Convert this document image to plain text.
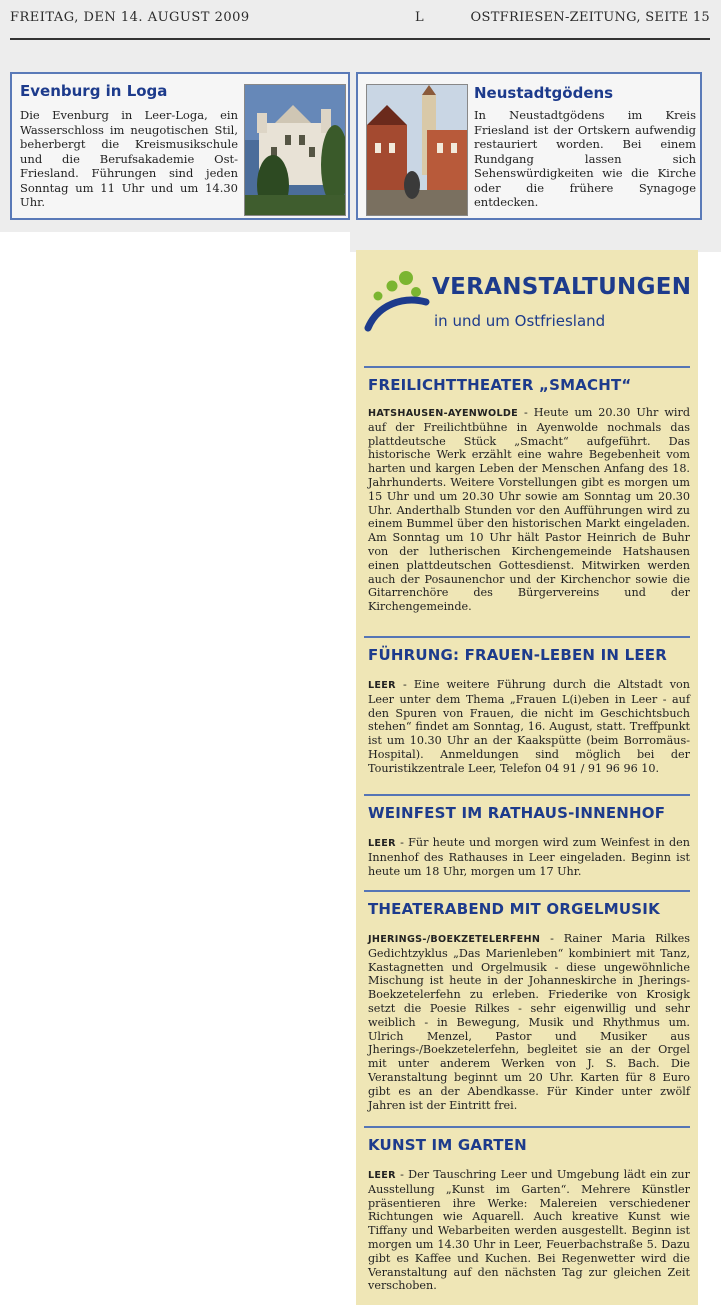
FREITAG, DEN 14. AUGUST 2009	L	OSTFRIESEN-ZEITUNG, SEITE 15
Evenburg in Loga
Die Evenburg in Leer-Loga, ein Wasserschloss im neugotischen Stil, beherbergt die Kreismusikschule und die Berufsakademie Ost-Friesland. Führungen sind jeden Sonntag um 11 Uhr und um 14.30 Uhr.
Neustadtgödens
In Neustadtgödens im Kreis Friesland ist der Ortskern aufwendig restauriert worden. Bei einem Rundgang lassen sich Sehenswürdigkeiten wie die Kirche oder die frühere Synagoge entdecken.
VERANSTALTUNGEN
in und um Ostfriesland
FREILICHTTHEATER „SMACHT“
HATSHAUSEN-AYENWOLDE - Heute um 20.30 Uhr wird auf der Freilichtbühne in Ayenwolde nochmals das plattdeutsche Stück „Smacht“ aufgeführt. Das historische Werk erzählt eine wahre Begebenheit vom harten und kargen Leben der Menschen Anfang des 18. Jahrhunderts. Weitere Vorstellungen gibt es morgen um 15 Uhr und um 20.30 Uhr sowie am Sonntag um 20.30 Uhr. Anderthalb Stunden vor den Aufführungen wird zu einem Bummel über den historischen Markt eingeladen. Am Sonntag um 10 Uhr hält Pastor Heinrich de Buhr von der lutherischen Kirchengemeinde Hatshausen einen plattdeutschen Gottesdienst. Mitwirken werden auch der Posaunenchor und der Kirchenchor sowie die Gitarrenchöre des Bürgervereins und der Kirchengemeinde.
FÜHRUNG: FRAUEN-LEBEN IN LEER
LEER - Eine weitere Führung durch die Altstadt von Leer unter dem Thema „Frauen L(i)eben in Leer - auf den Spuren von Frauen, die nicht im Geschichtsbuch stehen“ findet am Sonntag, 16. August, statt. Treffpunkt ist um 10.30 Uhr an der Kaakspütte (beim Borromäus-Hospital). Anmeldungen sind möglich bei der Touristikzentrale Leer, Telefon 04 91 / 91 96 96 10.
WEINFEST IM RATHAUS-INNENHOF
LEER - Für heute und morgen wird zum Weinfest in den Innenhof des Rathauses in Leer eingeladen. Beginn ist heute um 18 Uhr, morgen um 17 Uhr.
THEATERABEND MIT ORGELMUSIK
JHERINGS-/BOEKZETELERFEHN - Rainer Maria Rilkes Gedichtzyklus „Das Marienleben“ kombiniert mit Tanz, Kastagnetten und Orgelmusik - diese ungewöhnliche Mischung ist heute in der Johanneskirche in Jherings-Boekzetelerfehn zu erleben. Friederike von Krosigk setzt die Poesie Rilkes - sehr eigenwillig und sehr weiblich - in Bewegung, Musik und Rhythmus um. Ulrich Menzel, Pastor und Musiker aus Jherings-/Boekzetelerfehn, begleitet sie an der Orgel mit unter anderem Werken von J. S. Bach. Die Veranstaltung beginnt um 20 Uhr. Karten für 8 Euro gibt es an der Abendkasse. Für Kinder unter zwölf Jahren ist der Eintritt frei.
KUNST IM GARTEN
LEER - Der Tauschring Leer und Umgebung lädt ein zur Ausstellung „Kunst im Garten“. Mehrere Künstler präsentieren ihre Werke: Malereien verschiedener Richtungen wie Aquarell. Auch kreative Kunst wie Tiffany und Webarbeiten werden ausgestellt. Beginn ist morgen um 14.30 Uhr in Leer, Feuerbachstraße 5. Dazu gibt es Kaffee und Kuchen. Bei Regenwetter wird die Veranstaltung auf den nächsten Tag zur gleichen Zeit verschoben.
